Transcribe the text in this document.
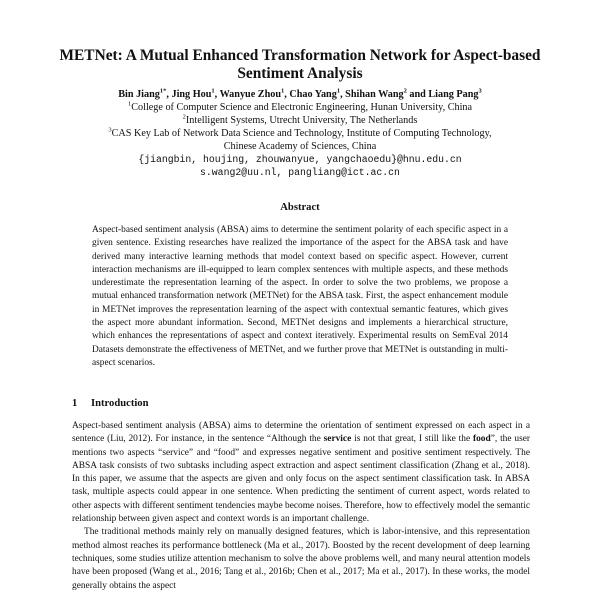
METNet: A Mutual Enhanced Transformation Network for Aspect-based
Sentiment Analysis
Bin Jiang$^{1*}$, Jing Hou$^1$, Wanyue Zhou$^1$, Chao Yang$^1$, Shihan Wang$^2$ and Liang Pang$^3$
$^1$College of Computer Science and Electronic Engineering, Hunan University, China
$^2$Intelligent Systems, Utrecht University, The Netherlands
$^3$CAS Key Lab of Network Data Science and Technology, Institute of Computing Technology,
Chinese Academy of Sciences, China
{jiangbin, houjing, zhouwanyue, yangchaoedu}@hnu.edu.cn
s.wang2@uu.nl, pangliang@ict.ac.cn
Abstract

Aspect-based sentiment analysis (ABSA) aims to determine the sentiment polarity of each specific aspect in a given sentence. Existing researches have realized the importance of the aspect for the ABSA task and have derived many interactive learning methods that model context based on specific aspect. However, current interaction mechanisms are ill-equipped to learn complex sentences with multiple aspects, and these methods underestimate the representation learning of the aspect. In order to solve the two problems, we propose a mutual enhanced transformation network (METNet) for the ABSA task. First, the aspect enhancement module in METNet improves the representation learning of the aspect with contextual semantic features, which gives the aspect more abundant information. Second, METNet designs and implements a hierarchical structure, which enhances the representations of aspect and context iteratively. Experimental results on SemEval 2014 Datasets demonstrate the effectiveness of METNet, and we further prove that METNet is outstanding in multi-aspect scenarios.

1 Introduction

Aspect-based sentiment analysis (ABSA) aims to determine the orientation of sentiment expressed on each aspect in a sentence (Liu, 2012). For instance, in the sentence “Although the service is not that great, I still like the food”, the user mentions two aspects “service” and “food” and expresses negative sentiment and positive sentiment respectively. The ABSA task consists of two subtasks including aspect extraction and aspect sentiment classification (Zhang et al., 2018). In this paper, we assume that the aspects are given and only focus on the aspect sentiment classification task. In ABSA task, multiple aspects could appear in one sentence. When predicting the sentiment of current aspect, words related to other aspects with different sentiment tendencies maybe become noises. Therefore, how to effectively model the semantic relationship between given aspect and context words is an important challenge.

The traditional methods mainly rely on manually designed features, which is labor-intensive, and this representation method almost reaches its performance bottleneck (Ma et al., 2017). Boosted by the recent development of deep learning techniques, some studies utilize attention mechanism to solve the above problems well, and many neural attention models have been proposed (Wang et al., 2016; Tang et al., 2016b; Chen et al., 2017; Ma et al., 2017). In these works, the model generally obtains the aspect
